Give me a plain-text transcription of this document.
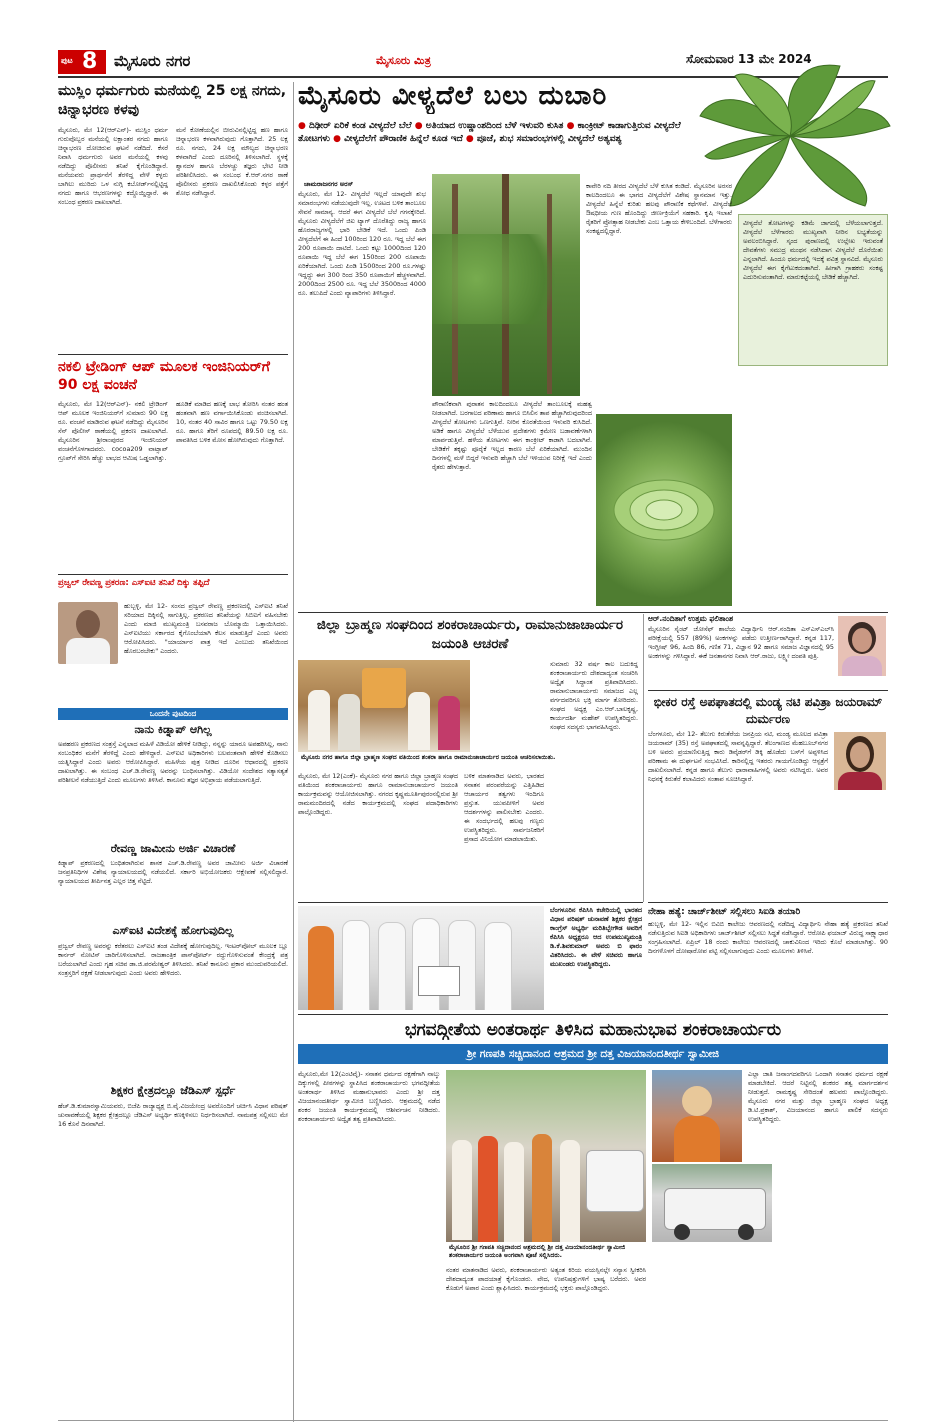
ಪುಟ 8 ಮೈಸೂರು ನಗರ	ಮೈಸೂರು ಮಿತ್ರ	ಸೋಮವಾರ 13 ಮೇ 2024
ಮುಸ್ಲಿಂ ಧರ್ಮಗುರು ಮನೆಯಲ್ಲಿ 25 ಲಕ್ಷ ನಗದು, ಚಿನ್ನಾಭರಣ ಕಳವು
ಮೈಸೂರು, ಮೇ 12(ಆರ್‌ಎನ್)- ಮುಸ್ಲಿಂ ಧರ್ಮ ಗುರುವೊಬ್ಬರ ಮನೆಯಲ್ಲಿ ಲಕ್ಷಾಂತರ ನಗದು ಹಾಗೂ ಚಿನ್ನಾಭರಣ ದೋಚಿರುವ ಘಟನೆ ನಡೆದಿದೆ. ಕೆಸರೆ ನಿವಾಸಿ ಧರ್ಮಗುರು ಅವರ ಮನೆಯಲ್ಲಿ ಕಳವು ನಡೆದಿದ್ದು ಪೊಲೀಸರು ತನಿಖೆ ಕೈಗೊಂಡಿದ್ದಾರೆ. ಮನೆಯವರು ಪ್ರಾರ್ಥನೆಗೆ ತೆರಳಿದ್ದ ವೇಳೆ ಕಳ್ಳರು ಬಾಗಿಲು ಮುರಿದು ಒಳ ನುಗ್ಗಿ ಕಬೋರ್ಡ್‌ನಲ್ಲಿಟ್ಟಿದ್ದ ನಗದು ಹಾಗೂ ಆಭರಣಗಳನ್ನು ಕದ್ದೊಯ್ದಿದ್ದಾರೆ. ಈ ಸಂಬಂಧ ಪ್ರಕರಣ ದಾಖಲಾಗಿದೆ.
ಮನೆ ಕೋಣೆಯಲ್ಲಿನ ಬೀರುವಿನಲ್ಲಿಟ್ಟಿದ್ದ ಹಣ ಹಾಗೂ ಚಿನ್ನಾಭರಣ ಕಳವಾಗಿರುವುದು ಗೊತ್ತಾಗಿದೆ. 25 ಲಕ್ಷ ರೂ. ನಗದು, 24 ಲಕ್ಷ ಮೌಲ್ಯದ ಚಿನ್ನಾಭರಣ ಕಳವಾಗಿದೆ ಎಂದು ದೂರಿನಲ್ಲಿ ತಿಳಿಸಲಾಗಿದೆ. ಸ್ಥಳಕ್ಕೆ ಶ್ವಾನದಳ ಹಾಗೂ ಬೆರಳಚ್ಚು ತಜ್ಞರು ಭೇಟಿ ನೀಡಿ ಪರಿಶೀಲಿಸಿದರು. ಈ ಸಂಬಂಧ ಕೆ.ಆರ್.ನಗರ ಠಾಣೆ ಪೊಲೀಸರು ಪ್ರಕರಣ ದಾಖಲಿಸಿಕೊಂಡು ಕಳ್ಳರ ಪತ್ತೆಗೆ ಶೋಧ ನಡೆಸಿದ್ದಾರೆ.
ನಕಲಿ ಟ್ರೇಡಿಂಗ್ ಆಪ್ ಮೂಲಕ ಇಂಜಿನಿಯರ್‌ಗೆ 90 ಲಕ್ಷ ವಂಚನೆ
ಮೈಸೂರು, ಮೇ 12(ಆರ್‌ಎನ್)- ನಕಲಿ ಟ್ರೇಡಿಂಗ್ ಆಪ್ ಮೂಲಕ ಇಂಜಿನಿಯರ್‌ಗೆ ಸುಮಾರು 90 ಲಕ್ಷ ರೂ. ವಂಚನೆ ಮಾಡಿರುವ ಘಟನೆ ನಡೆದಿದ್ದು ಮೈಸೂರಿನ ಸೆನ್ ಪೊಲೀಸ್ ಠಾಣೆಯಲ್ಲಿ ಪ್ರಕರಣ ದಾಖಲಾಗಿದೆ. ಮೈಸೂರಿನ ಶ್ರೀರಾಂಪುರದ ಇಂಜಿನಿಯರ್ ವಂಚನೆಗೊಳಗಾದವರು. cocoa209 ವಾಟ್ಸಾಪ್ ಗ್ರೂಪ್‌ಗೆ ಸೇರಿಸಿ ಹೆಚ್ಚು ಲಾಭದ ಆಮಿಷ ಒಡ್ಡಲಾಗಿತ್ತು.
ಹೂಡಿಕೆ ಮಾಡಿದ ಹಣಕ್ಕೆ ಲಾಭ ತೋರಿಸಿ ನಂತರ ಹಂತ ಹಂತವಾಗಿ ಹಣ ವರ್ಗಾಯಿಸಿಕೊಂಡು ವಂಚಿಸಲಾಗಿದೆ. 10, ನಂತರ 40 ಸಾವಿರ ಹಾಗೂ ಒಟ್ಟು 79.50 ಲಕ್ಷ ರೂ. ಹಾಗೂ ತೆರಿಗೆ ರೂಪದಲ್ಲಿ 89.50 ಲಕ್ಷ ರೂ. ಪಾವತಿಸಿದ ಬಳಿಕ ಮೋಸ ಹೋಗಿರುವುದು ಗೊತ್ತಾಗಿದೆ.
ಪ್ರಜ್ವಲ್ ರೇವಣ್ಣ ಪ್ರಕರಣ: ಎಸ್‌ಐಟಿ ತನಿಖೆ ದಿಕ್ಕು ತಪ್ಪಿದೆ
ಹುಬ್ಬಳ್ಳಿ, ಮೇ 12- ಸಂಸದ ಪ್ರಜ್ವಲ್ ರೇವಣ್ಣ ಪ್ರಕರಣದಲ್ಲಿ ಎಸ್‌ಐಟಿ ತನಿಖೆ ಸರಿಯಾದ ದಿಕ್ಕಿನಲ್ಲಿ ಸಾಗುತ್ತಿಲ್ಲ. ಪ್ರಕರಣದ ತನಿಖೆಯನ್ನು ಸಿಬಿಐಗೆ ವಹಿಸಬೇಕು ಎಂದು ಮಾಜಿ ಮುಖ್ಯಮಂತ್ರಿ ಬಸವರಾಜ ಬೊಮ್ಮಾಯಿ ಒತ್ತಾಯಿಸಿದರು. ಎಸ್‌ಐಟಿಯು ಸರ್ಕಾರದ ಕೈಗೊಂಬೆಯಾಗಿ ಕೆಲಸ ಮಾಡುತ್ತಿದೆ ಎಂದು ಅವರು ಆರೋಪಿಸಿದರು. "ಯಾರ್ಯಾರ ಪಾತ್ರ ಇದೆ ಎಂಬುದು ತನಿಖೆಯಿಂದ ಹೊರಬರಬೇಕು" ಎಂದರು.
ಒಂದನೇ ಪುಟದಿಂದ
ನಾನು ಕಿಡ್ನಾಪ್ ಆಗಿಲ್ಲ
ಅಪಹರಣ ಪ್ರಕರಣದ ಸಂತ್ರಸ್ತೆ ಎನ್ನಲಾದ ಮಹಿಳೆ ವಿಡಿಯೋ ಹೇಳಿಕೆ ನೀಡಿದ್ದು, ನನ್ನನ್ನು ಯಾರೂ ಅಪಹರಿಸಿಲ್ಲ, ನಾನು ಸಂಬಂಧಿಕರ ಮನೆಗೆ ತೆರಳಿದ್ದೆ ಎಂದು ಹೇಳಿದ್ದಾರೆ. ಎಸ್‌ಐಟಿ ಅಧಿಕಾರಿಗಳು ಬಲವಂತವಾಗಿ ಹೇಳಿಕೆ ಕೊಡಿಸಲು ಯತ್ನಿಸಿದ್ದಾರೆ ಎಂದು ಅವರು ಆರೋಪಿಸಿದ್ದಾರೆ. ಮಹಿಳೆಯ ಪುತ್ರ ನೀಡಿದ ದೂರಿನ ಆಧಾರದಲ್ಲಿ ಪ್ರಕರಣ ದಾಖಲಾಗಿತ್ತು. ಈ ಸಂಬಂಧ ಎಚ್.ಡಿ.ರೇವಣ್ಣ ಅವರನ್ನು ಬಂಧಿಸಲಾಗಿತ್ತು. ವಿಡಿಯೋ ಸಂದೇಶದ ಸತ್ಯಾಸತ್ಯತೆ ಪರಿಶೀಲನೆ ನಡೆಯುತ್ತಿದೆ ಎಂದು ಮೂಲಗಳು ತಿಳಿಸಿವೆ. ಕಾನೂನು ತಜ್ಞರ ಅಭಿಪ್ರಾಯ ಪಡೆಯಲಾಗುತ್ತಿದೆ.
ರೇವಣ್ಣ ಜಾಮೀನು ಅರ್ಜಿ ವಿಚಾರಣೆ
ಕಿಡ್ನಾಪ್ ಪ್ರಕರಣದಲ್ಲಿ ಬಂಧಿತರಾಗಿರುವ ಶಾಸಕ ಎಚ್.ಡಿ.ರೇವಣ್ಣ ಅವರ ಜಾಮೀನು ಅರ್ಜಿ ವಿಚಾರಣೆ ಜನಪ್ರತಿನಿಧಿಗಳ ವಿಶೇಷ ನ್ಯಾಯಾಲಯದಲ್ಲಿ ನಡೆಯಲಿದೆ. ಸರ್ಕಾರಿ ಅಭಿಯೋಜಕರು ಆಕ್ಷೇಪಣೆ ಸಲ್ಲಿಸಲಿದ್ದಾರೆ. ನ್ಯಾಯಾಲಯದ ತೀರ್ಪಿನತ್ತ ಎಲ್ಲರ ಚಿತ್ತ ನೆಟ್ಟಿದೆ.
ಎಸ್‌ಐಟಿ ವಿದೇಶಕ್ಕೆ ಹೋಗುವುದಿಲ್ಲ
ಪ್ರಜ್ವಲ್ ರೇವಣ್ಣ ಅವರನ್ನು ಕರೆತರಲು ಎಸ್‌ಐಟಿ ತಂಡ ವಿದೇಶಕ್ಕೆ ಹೋಗುವುದಿಲ್ಲ. ಇಂಟರ್‌ಪೋಲ್ ಮೂಲಕ ಬ್ಲೂ ಕಾರ್ನರ್ ನೋಟಿಸ್ ಜಾರಿಗೊಳಿಸಲಾಗಿದೆ. ರಾಜತಾಂತ್ರಿಕ ಪಾಸ್‌ಪೋರ್ಟ್ ರದ್ದುಗೊಳಿಸುವಂತೆ ಕೇಂದ್ರಕ್ಕೆ ಪತ್ರ ಬರೆಯಲಾಗಿದೆ ಎಂದು ಗೃಹ ಸಚಿವ ಡಾ.ಜಿ.ಪರಮೇಶ್ವರ್ ತಿಳಿಸಿದರು. ತನಿಖೆ ಕಾನೂನು ಪ್ರಕಾರ ಮುಂದುವರಿಯಲಿದೆ. ಸಂತ್ರಸ್ತರಿಗೆ ರಕ್ಷಣೆ ನೀಡಲಾಗುವುದು ಎಂದು ಅವರು ಹೇಳಿದರು.
ಶಿಕ್ಷಕರ ಕ್ಷೇತ್ರದಲ್ಲೂ ಜೆಡಿಎಸ್ ಸ್ಪರ್ಧೆ
ಹೆಚ್.ಡಿ.ಕುಮಾರಸ್ವಾಮಿಯವರು, ಬಿಜೆಪಿ ರಾಜ್ಯಾಧ್ಯಕ್ಷ ಬಿ.ವೈ.ವಿಜಯೇಂದ್ರ ಅವರೊಂದಿಗೆ ಚರ್ಚಿಸಿ ವಿಧಾನ ಪರಿಷತ್ ಚುನಾವಣೆಯಲ್ಲಿ ಶಿಕ್ಷಕರ ಕ್ಷೇತ್ರದಲ್ಲೂ ಜೆಡಿಎಸ್ ಅಭ್ಯರ್ಥಿ ಕಣಕ್ಕಿಳಿಸಲು ನಿರ್ಧರಿಸಲಾಗಿದೆ. ನಾಮಪತ್ರ ಸಲ್ಲಿಸಲು ಮೇ 16 ಕೊನೆ ದಿನವಾಗಿದೆ.
ಮೈಸೂರು ವೀಳ್ಯದೆಲೆ ಬಲು ದುಬಾರಿ
● ದಿಢೀರ್ ಏರಿಕೆ ಕಂಡ ವೀಳ್ಯದೆಲೆ ಬೆಲೆ ● ಅತಿಯಾದ ಉಷ್ಣಾಂಶದಿಂದ ಬೆಳೆ ಇಳುವರಿ ಕುಸಿತ ● ಕಾಂಕ್ರೀಟ್ ಕಾಡಾಗುತ್ತಿರುವ ವೀಳ್ಯದೆಲೆ ತೋಟಗಳು ● ವೀಳ್ಯದೆಲೆಗೆ ಪೌರಾಣಿಕ ಹಿನ್ನೆಲೆ ಕೂಡ ಇದೆ ● ಪೂಜೆ, ಶುಭ ಸಮಾರಂಭಗಳಲ್ಲಿ ವೀಳ್ಯದೆಲೆ ಅತ್ಯವಶ್ಯ
ಚಾಮರಾಜನಗರ ಅರಸ್
ಮೈಸೂರು, ಮೇ 12- ವೀಳ್ಯದೆಲೆ ಇಲ್ಲದೆ ಯಾವುದೇ ಶುಭ ಸಮಾರಂಭಗಳು ನಡೆಯುವುದೇ ಇಲ್ಲ. ಊಟದ ಬಳಿಕ ತಾಂಬೂಲ ಸೇವನೆ ಸಾಮಾನ್ಯ. ಆದರೆ ಈಗ ವೀಳ್ಯದೆಲೆ ಬೆಲೆ ಗಗನಕ್ಕೇರಿದೆ. ಮೈಸೂರು ವೀಳ್ಯದೆಲೆಗೆ ಜಿಐ ಟ್ಯಾಗ್ ದೊರೆತಿದ್ದು ರಾಜ್ಯ ಹಾಗೂ ಹೊರರಾಜ್ಯಗಳಲ್ಲಿ ಭಾರಿ ಬೇಡಿಕೆ ಇದೆ. ಒಂದು ಪಿಂಡಿ ವೀಳ್ಯದೆಲೆಗೆ ಈ ಹಿಂದೆ 100ರಿಂದ 120 ರೂ. ಇದ್ದ ಬೆಲೆ ಈಗ 200 ರೂಪಾಯಿ ದಾಟಿದೆ. ಒಂದು ಕಟ್ಟು 1000ದಿಂದ 120 ರೂಪಾಯಿ ಇದ್ದ ಬೆಲೆ ಈಗ 150ರಿಂದ 200 ರೂಪಾಯಿ ಏರಿಕೆಯಾಗಿದೆ. ಒಂದು ಪಿಂಡಿ 1500ರಿಂದ 200 ರೂ.ಗಳಷ್ಟು ಇದ್ದದ್ದು ಈಗ 300 ರಿಂದ 350 ರೂಪಾಯಿಗೆ ಹೆಚ್ಚಳವಾಗಿದೆ. 2000ದಿಂದ 2500 ರೂ. ಇದ್ದ ಬೆಲೆ 3500ರಿಂದ 4000 ರೂ. ತಲುಪಿದೆ ಎಂದು ವ್ಯಾಪಾರಿಗಳು ತಿಳಿಸಿದ್ದಾರೆ.
ಕಾವೇರಿ ನದಿ ತೀರದ ವೀಳ್ಯದೆಲೆ ಬೆಳೆ ಕುಸಿತ ಕಂಡಿದೆ. ಮೈಸೂರಿನ ಅರಸರ ಕಾಲದಿಂದಲೂ ಈ ಭಾಗದ ವೀಳ್ಯದೆಲೆಗೆ ವಿಶೇಷ ಸ್ಥಾನಮಾನ ಇತ್ತು. ವೀಳ್ಯದೆಲೆ ಹಿನ್ನೆಲೆ ಕುರಿತು ಹಲವು ಪೌರಾಣಿಕ ಕಥೆಗಳಿವೆ. ವೀಳ್ಯದೆಲೆ ಔಷಧೀಯ ಗುಣ ಹೊಂದಿದ್ದು ಜೀರ್ಣಕ್ರಿಯೆಗೆ ಸಹಕಾರಿ. ಕೃಷಿ ಇಲಾಖೆ ರೈತರಿಗೆ ಪ್ರೋತ್ಸಾಹ ನೀಡಬೇಕು ಎಂಬ ಒತ್ತಾಯ ಕೇಳಿಬಂದಿದೆ. ಬೆಳೆಗಾರರು ಸಂಕಷ್ಟದಲ್ಲಿದ್ದಾರೆ.
ವೀಳ್ಯದೆಲೆ ತೋಟಗಳನ್ನು ಕಡಿಮೆ ಜಾಗದಲ್ಲಿ ಬೆಳೆಯಲಾಗುತ್ತದೆ. ವೀಳ್ಯದೆಲೆ ಬೆಳೆಗಾರರು ಮುಖ್ಯವಾಗಿ ನೀರಿನ ಲಭ್ಯತೆಯನ್ನು ಅವಲಂಬಿಸಿದ್ದಾರೆ. ಸ್ಕಂದ ಪುರಾಣದಲ್ಲಿ ಉಲ್ಲೇಖ ಇರುವಂತೆ ದೇವತೆಗಳು ಸಮುದ್ರ ಮಂಥನ ನಡೆಸಿದಾಗ ವೀಳ್ಯದೆಲೆ ದೊರೆಯಿತು ಎನ್ನಲಾಗಿದೆ. ಹಿಂದೂ ಧರ್ಮದಲ್ಲಿ ಇದಕ್ಕೆ ಪವಿತ್ರ ಸ್ಥಾನವಿದೆ. ಮೈಸೂರು ವೀಳ್ಯದೆಲೆ ಈಗ ಕೈಗೆಟುಕದಂತಾಗಿದೆ. ಹೀಗಾಗಿ ಗ್ರಾಹಕರು ಸಂಕಷ್ಟ ಎದುರಿಸುವಂತಾಗಿದೆ. ಮಾರುಕಟ್ಟೆಯಲ್ಲಿ ಬೇಡಿಕೆ ಹೆಚ್ಚಾಗಿದೆ.
ಪೌರಾಣಿಕವಾಗಿ ಪುರಾತನ ಕಾಲದಿಂದಲೂ ವೀಳ್ಯದೆಲೆ ತಾಂಬೂಲಕ್ಕೆ ಮಹತ್ವ ನೀಡಲಾಗಿದೆ. ಬರಗಾಲದ ಪರಿಣಾಮ ಹಾಗೂ ಬಿಸಿಲಿನ ತಾಪ ಹೆಚ್ಚಾಗಿರುವುದರಿಂದ ವೀಳ್ಯದೆಲೆ ತೋಟಗಳು ಒಣಗುತ್ತಿವೆ. ನೀರಿನ ಕೊರತೆಯಿಂದ ಇಳುವರಿ ಕುಸಿದಿದೆ. ಅಡಿಕೆ ಹಾಗೂ ವೀಳ್ಯದೆಲೆ ಬೆಳೆಯುವ ಪ್ರದೇಶಗಳು ಕ್ರಮೇಣ ಬಡಾವಣೆಗಳಾಗಿ ಮಾರ್ಪಡುತ್ತಿವೆ. ಹಳೆಯ ತೋಟಗಳು ಈಗ ಕಾಂಕ್ರೀಟ್ ಕಾಡಾಗಿ ಬದಲಾಗಿವೆ. ಬೇಡಿಕೆಗೆ ತಕ್ಕಷ್ಟು ಪೂರೈಕೆ ಇಲ್ಲದ ಕಾರಣ ಬೆಲೆ ಏರಿಕೆಯಾಗಿದೆ. ಮುಂದಿನ ದಿನಗಳಲ್ಲಿ ಮಳೆ ಬಿದ್ದರೆ ಇಳುವರಿ ಹೆಚ್ಚಾಗಿ ಬೆಲೆ ಇಳಿಯುವ ನಿರೀಕ್ಷೆ ಇದೆ ಎಂದು ರೈತರು ಹೇಳುತ್ತಾರೆ.
ಜಿಲ್ಲಾ ಬ್ರಾಹ್ಮಣ ಸಂಘದಿಂದ ಶಂಕರಾಚಾರ್ಯರು, ರಾಮಾನುಜಾಚಾರ್ಯರ ಜಯಂತಿ ಆಚರಣೆ
ಮೈಸೂರು ನಗರ ಹಾಗೂ ಜಿಲ್ಲಾ ಬ್ರಾಹ್ಮಣ ಸಂಘದ ವತಿಯಿಂದ ಶಂಕರಾ ಹಾಗೂ ರಾಮಾನುಜಾಚಾರ್ಯರ ಜಯಂತಿ ಆಚರಿಸಲಾಯಿತು.
ಮೈಸೂರು, ಮೇ 12(ಎಂಕೆ)- ಮೈಸೂರು ನಗರ ಹಾಗೂ ಜಿಲ್ಲಾ ಬ್ರಾಹ್ಮಣ ಸಂಘದ ವತಿಯಿಂದ ಶಂಕರಾಚಾರ್ಯರು ಹಾಗೂ ರಾಮಾನುಜಾಚಾರ್ಯರ ಜಯಂತಿ ಕಾರ್ಯಕ್ರಮವನ್ನು ಆಯೋಜಿಸಲಾಗಿತ್ತು. ನಗರದ ಕೃಷ್ಣಮೂರ್ತಿಪುರಂನಲ್ಲಿರುವ ಶ್ರೀ ರಾಮಮಂದಿರದಲ್ಲಿ ನಡೆದ ಕಾರ್ಯಕ್ರಮದಲ್ಲಿ ಸಂಘದ ಪದಾಧಿಕಾರಿಗಳು ಪಾಲ್ಗೊಂಡಿದ್ದರು.
ಬಳಿಕ ಮಾತನಾಡಿದ ಅವರು, ಭಾರತದ ಸನಾತನ ಪರಂಪರೆಯನ್ನು ಎತ್ತಿಹಿಡಿದ ಆಚಾರ್ಯರ ತತ್ವಗಳು ಇಂದಿಗೂ ಪ್ರಸ್ತುತ. ಯುವಪೀಳಿಗೆ ಅವರ ಆದರ್ಶಗಳನ್ನು ಪಾಲಿಸಬೇಕು ಎಂದರು. ಈ ಸಂದರ್ಭದಲ್ಲಿ ಹಲವು ಗಣ್ಯರು ಉಪಸ್ಥಿತರಿದ್ದರು. ಸಾರ್ವಜನಿಕರಿಗೆ ಪ್ರಸಾದ ವಿನಿಯೋಗ ಮಾಡಲಾಯಿತು.
ಸುಮಾರು 32 ವರ್ಷ ಕಾಲ ಬದುಕಿದ್ದ ಶಂಕರಾಚಾರ್ಯರು ದೇಶದಾದ್ಯಂತ ಸಂಚರಿಸಿ ಅದ್ವೈತ ಸಿದ್ಧಾಂತ ಪ್ರತಿಪಾದಿಸಿದರು. ರಾಮಾನುಜಾಚಾರ್ಯರು ಸಮಾಜದ ಎಲ್ಲ ವರ್ಗದವರಿಗೂ ಭಕ್ತಿ ಮಾರ್ಗ ತೋರಿದರು. ಸಂಘದ ಅಧ್ಯಕ್ಷ ಎಂ.ಆರ್.ಬಾಲಕೃಷ್ಣ, ಕಾರ್ಯದರ್ಶಿ ಮಹೇಶ್ ಉಪಸ್ಥಿತರಿದ್ದರು. ಸಂಘದ ಸದಸ್ಯರು ಭಾಗವಹಿಸಿದ್ದರು.
ಆರ್.ನಂದಿತಾಗೆ ಉತ್ತಮ ಫಲಿತಾಂಶ
ಮೈಸೂರಿನ ಸೈಂಟ್ ಜೋಸೆಫ್ ಶಾಲೆಯ ವಿದ್ಯಾರ್ಥಿನಿ ಆರ್.ನಂದಿತಾ ಎಸ್‌ಎಸ್‌ಎಲ್‌ಸಿ ಪರೀಕ್ಷೆಯಲ್ಲಿ 557 (89%) ಅಂಕಗಳನ್ನು ಪಡೆದು ಉತ್ತೀರ್ಣರಾಗಿದ್ದಾರೆ. ಕನ್ನಡ 117, ಇಂಗ್ಲೀಷ್ 96, ಹಿಂದಿ 86, ಗಣಿತ 71, ವಿಜ್ಞಾನ 92 ಹಾಗೂ ಸಮಾಜ ವಿಜ್ಞಾನದಲ್ಲಿ 95 ಅಂಕಗಳನ್ನು ಗಳಿಸಿದ್ದಾರೆ. ಈಕೆ ಜನತಾನಗರ ನಿವಾಸಿ ಆರ್.ರಾಜು, ಲಕ್ಷ್ಮೀ ದಂಪತಿ ಪುತ್ರಿ.
ಭೀಕರ ರಸ್ತೆ ಅಪಘಾತದಲ್ಲಿ ಮಂಡ್ಯ ನಟಿ ಪವಿತ್ರಾ ಜಯರಾಮ್ ದುರ್ಮರಣ
ಬೆಂಗಳೂರು, ಮೇ 12- ತೆಲುಗು ಕಿರುತೆರೆಯ ಜನಪ್ರಿಯ ನಟಿ, ಮಂಡ್ಯ ಮೂಲದ ಪವಿತ್ರಾ ಜಯರಾಮ್ (35) ರಸ್ತೆ ಅಪಘಾತದಲ್ಲಿ ಸಾವನ್ನಪ್ಪಿದ್ದಾರೆ. ತೆಲಂಗಾಣದ ಮೆಹಬೂಬ್‌ನಗರ ಬಳಿ ಅವರು ಪ್ರಯಾಣಿಸುತ್ತಿದ್ದ ಕಾರು ಡಿವೈಡರ್‌ಗೆ ಡಿಕ್ಕಿ ಹೊಡೆದು ಬಸ್‌ಗೆ ಅಪ್ಪಳಿಸಿದ ಪರಿಣಾಮ ಈ ದುರ್ಘಟನೆ ಸಂಭವಿಸಿದೆ. ಕಾರಿನಲ್ಲಿದ್ದ ಇತರರು ಗಾಯಗೊಂಡಿದ್ದು ಆಸ್ಪತ್ರೆಗೆ ದಾಖಲಿಸಲಾಗಿದೆ. ಕನ್ನಡ ಹಾಗೂ ತೆಲುಗು ಧಾರಾವಾಹಿಗಳಲ್ಲಿ ಅವರು ನಟಿಸಿದ್ದರು. ಅವರ ನಿಧನಕ್ಕೆ ಕಿರುತೆರೆ ಕಲಾವಿದರು ಸಂತಾಪ ಸೂಚಿಸಿದ್ದಾರೆ.
ಬೆಂಗಳೂರಿನ ಕೆಪಿಸಿಸಿ ಕಚೇರಿಯಲ್ಲಿ ಭಾರತದ ವಿಧಾನ ಪರಿಷತ್ ಚುನಾವಣೆ ಶಿಕ್ಷಕರ ಕ್ಷೇತ್ರದ ಕಾಂಗ್ರೆಸ್ ಅಭ್ಯರ್ಥಿ ಮರಿತಿಬ್ಬೇಗೌಡ ಅವರಿಗೆ ಕೆಪಿಸಿಸಿ ಅಧ್ಯಕ್ಷರೂ ಆದ ಉಪಮುಖ್ಯಮಂತ್ರಿ ಡಿ.ಕೆ.ಶಿವಕುಮಾರ್ ಅವರು ಬಿ ಫಾರಂ ವಿತರಿಸಿದರು. ಈ ವೇಳೆ ಸಚಿವರು ಹಾಗೂ ಮುಖಂಡರು ಉಪಸ್ಥಿತರಿದ್ದರು.
ನೇಹಾ ಹತ್ಯೆ: ಚಾರ್ಜ್‌ಶೀಟ್ ಸಲ್ಲಿಸಲು ಸಿಐಡಿ ತಯಾರಿ
ಹುಬ್ಬಳ್ಳಿ, ಮೇ 12- ಇಲ್ಲಿನ ಬಿವಿಬಿ ಕಾಲೇಜು ಆವರಣದಲ್ಲಿ ನಡೆದಿದ್ದ ವಿದ್ಯಾರ್ಥಿನಿ ನೇಹಾ ಹತ್ಯೆ ಪ್ರಕರಣದ ತನಿಖೆ ನಡೆಸುತ್ತಿರುವ ಸಿಐಡಿ ಅಧಿಕಾರಿಗಳು ಚಾರ್ಜ್‌ಶೀಟ್ ಸಲ್ಲಿಸಲು ಸಿದ್ಧತೆ ನಡೆಸಿದ್ದಾರೆ. ಆರೋಪಿ ಫಯಾಜ್ ವಿರುದ್ಧ ಸಾಕ್ಷ್ಯಾಧಾರ ಸಂಗ್ರಹಿಸಲಾಗಿದೆ. ಏಪ್ರಿಲ್ 18 ರಂದು ಕಾಲೇಜು ಆವರಣದಲ್ಲಿ ಚಾಕುವಿನಿಂದ ಇರಿದು ಕೊಲೆ ಮಾಡಲಾಗಿತ್ತು. 90 ದಿನಗಳೊಳಗೆ ದೋಷಾರೋಪ ಪಟ್ಟಿ ಸಲ್ಲಿಸಲಾಗುವುದು ಎಂದು ಮೂಲಗಳು ತಿಳಿಸಿವೆ.
ಭಗವದ್ಗೀತೆಯ ಅಂತರಾರ್ಥ ತಿಳಿಸಿದ ಮಹಾನುಭಾವ ಶಂಕರಾಚಾರ್ಯರು
ಶ್ರೀ ಗಣಪತಿ ಸಚ್ಚಿದಾನಂದ ಆಶ್ರಮದ ಶ್ರೀ ದತ್ತ ವಿಜಯಾನಂದತೀರ್ಥ ಸ್ವಾಮೀಜಿ
ಮೈಸೂರು,ಮೇ 12(ಎಂಟಿವೈ)- ಸನಾತನ ಧರ್ಮದ ರಕ್ಷಣೆಗಾಗಿ ನಾಲ್ಕು ದಿಕ್ಕುಗಳಲ್ಲಿ ಪೀಠಗಳನ್ನು ಸ್ಥಾಪಿಸಿದ ಶಂಕರಾಚಾರ್ಯರು ಭಗವದ್ಗೀತೆಯ ಅಂತರಾರ್ಥ ತಿಳಿಸಿದ ಮಹಾನುಭಾವರು ಎಂದು ಶ್ರೀ ದತ್ತ ವಿಜಯಾನಂದತೀರ್ಥ ಸ್ವಾಮೀಜಿ ಬಣ್ಣಿಸಿದರು. ಆಶ್ರಮದಲ್ಲಿ ನಡೆದ ಶಂಕರ ಜಯಂತಿ ಕಾರ್ಯಕ್ರಮದಲ್ಲಿ ಆಶೀರ್ವಚನ ನೀಡಿದರು. ಶಂಕರಾಚಾರ್ಯರು ಅದ್ವೈತ ತತ್ವ ಪ್ರತಿಪಾದಿಸಿದರು.
ಮೈಸೂರಿನ ಶ್ರೀ ಗಣಪತಿ ಸಚ್ಚಿದಾನಂದ ಆಶ್ರಮದಲ್ಲಿ ಶ್ರೀ ದತ್ತ ವಿಜಯಾನಂದತೀರ್ಥ ಸ್ವಾಮೀಜಿ ಶಂಕರಾಚಾರ್ಯರ ಜಯಂತಿ ಅಂಗವಾಗಿ ಪೂಜೆ ಸಲ್ಲಿಸಿದರು.
ನಂತರ ಮಾತನಾಡಿದ ಅವರು, ಶಂಕರಾಚಾರ್ಯರು ಅತ್ಯಂತ ಕಿರಿಯ ವಯಸ್ಸಿನಲ್ಲೇ ಸನ್ಯಾಸ ಸ್ವೀಕರಿಸಿ ದೇಶದಾದ್ಯಂತ ಪಾದಯಾತ್ರೆ ಕೈಗೊಂಡರು. ವೇದ, ಉಪನಿಷತ್ತುಗಳಿಗೆ ಭಾಷ್ಯ ಬರೆದರು. ಅವರ ಕೊಡುಗೆ ಅಪಾರ ಎಂದು ಶ್ಲಾಘಿಸಿದರು. ಕಾರ್ಯಕ್ರಮದಲ್ಲಿ ಭಕ್ತರು ಪಾಲ್ಗೊಂಡಿದ್ದರು.
ಎಲ್ಲಾ ಜಾತಿ ಜನಾಂಗದವರಿಗೂ ಒಂದಾಗಿ ಸನಾತನ ಧರ್ಮದ ರಕ್ಷಣೆ ಮಾಡಬೇಕಿದೆ. ಆದರೆ ನಿಟ್ಟಿನಲ್ಲಿ ಶಂಕರರ ತತ್ವ ಮಾರ್ಗದರ್ಶನ ನೀಡುತ್ತದೆ. ರಾಮಕೃಷ್ಣ ಸೇರಿದಂತೆ ಹಲವರು ಪಾಲ್ಗೊಂಡಿದ್ದರು. ಮೈಸೂರು ನಗರ ಮತ್ತು ಜಿಲ್ಲಾ ಬ್ರಾಹ್ಮಣ ಸಂಘದ ಅಧ್ಯಕ್ಷ ಡಿ.ಟಿ.ಪ್ರಕಾಶ್, ವಿಜಯಾನಂದ ಹಾಗೂ ಪಾಲಿಕೆ ಸದಸ್ಯರು ಉಪಸ್ಥಿತರಿದ್ದರು.
